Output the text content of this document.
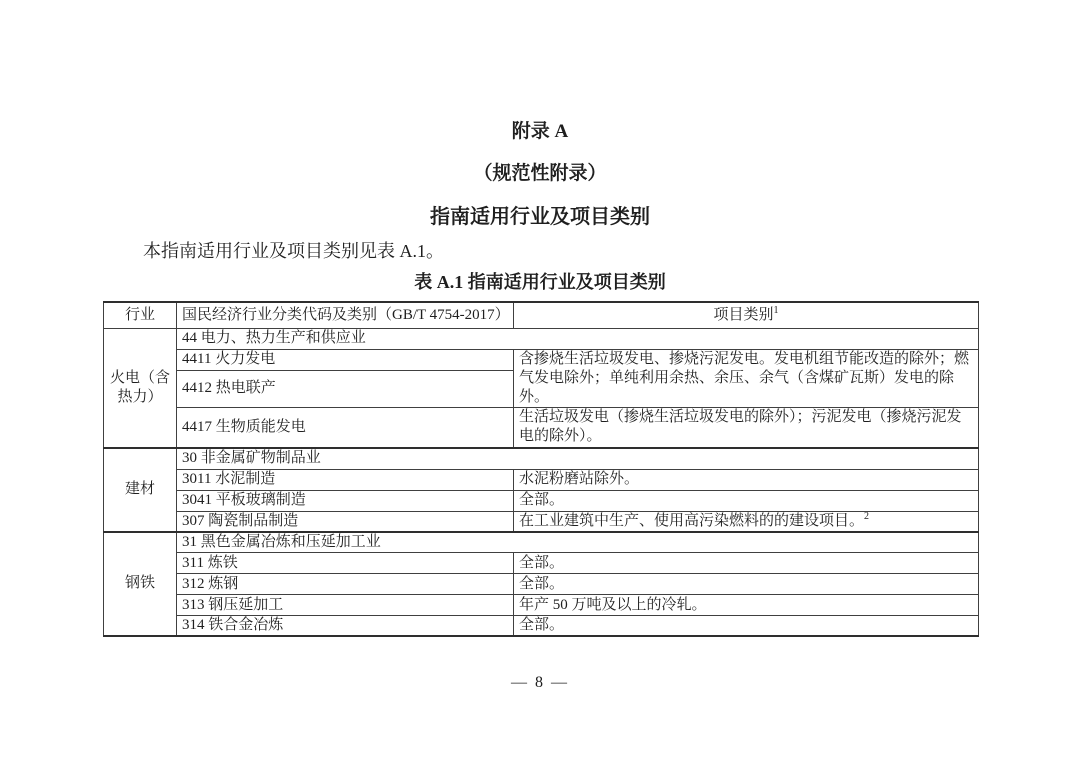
附录 A
（规范性附录）
指南适用行业及项目类别

本指南适用行业及项目类别见表 A.1。

表 A.1 指南适用行业及项目类别
行业	国民经济行业分类代码及类别（GB/T 4754-2017）	项目类别$^1$
火电（含热力）	44 电力、热力生产和供应业	
	4411 火力发电	含掺烧生活垃圾发电、掺烧污泥发电。发电机组节能改造的除外；燃气发电除外；单纯利用余热、余压、余气（含煤矿瓦斯）发电的除外。
	4412 热电联产	
	4417 生物质能发电	生活垃圾发电（掺烧生活垃圾发电的除外）；污泥发电（掺烧污泥发电的除外）。
建材	30 非金属矿物制品业	
	3011 水泥制造	水泥粉磨站除外。
	3041 平板玻璃制造	全部。
	307 陶瓷制品制造	在工业建筑中生产、使用高污染燃料的的建设项目。$^2$
钢铁	31 黑色金属冶炼和压延加工业	
	311 炼铁	全部。
	312 炼钢	全部。
	313 钢压延加工	年产 50 万吨及以上的冷轧。
	314 铁合金冶炼	全部。
— 8 —
